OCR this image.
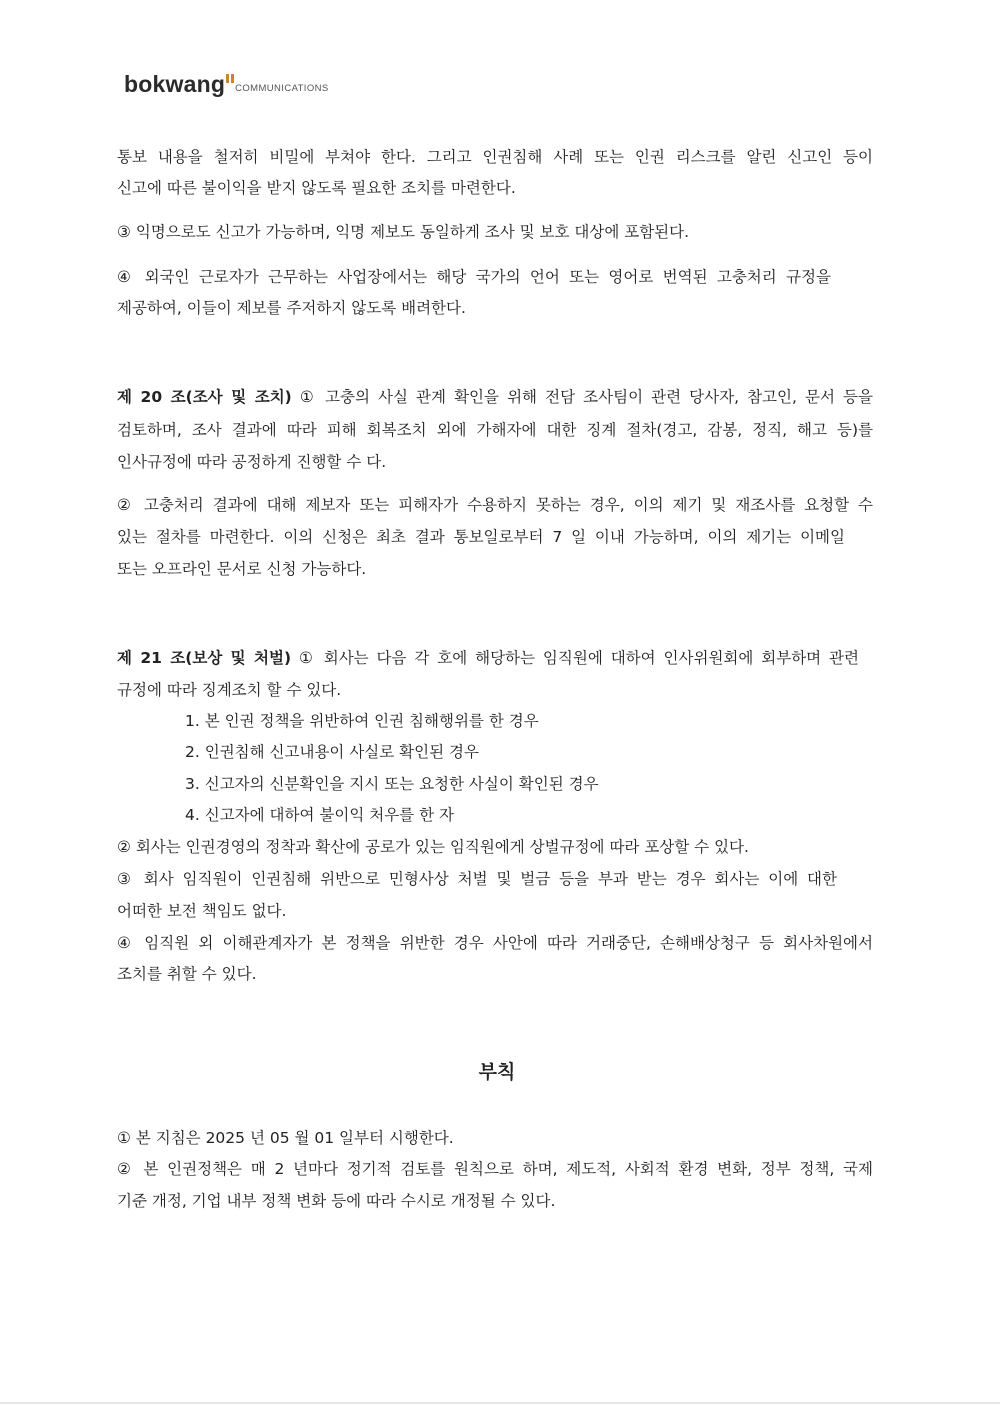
bokwang COMMUNICATIONS
통보 내용을 철저히 비밀에 부쳐야 한다. 그리고 인권침해 사례 또는 인권 리스크를 알린 신고인 등이
신고에 따른 불이익을 받지 않도록 필요한 조치를 마련한다.
③ 익명으로도 신고가 가능하며, 익명 제보도 동일하게 조사 및 보호 대상에 포함된다.
④ 외국인 근로자가 근무하는 사업장에서는 해당 국가의 언어 또는 영어로 번역된 고충처리 규정을
제공하여, 이들이 제보를 주저하지 않도록 배려한다.
제 20 조(조사 및 조치) ① 고충의 사실 관계 확인을 위해 전담 조사팀이 관련 당사자, 참고인, 문서 등을
검토하며, 조사 결과에 따라 피해 회복조치 외에 가해자에 대한 징계 절차(경고, 감봉, 정직, 해고 등)를
인사규정에 따라 공정하게 진행할 수 다.
② 고충처리 결과에 대해 제보자 또는 피해자가 수용하지 못하는 경우, 이의 제기 및 재조사를 요청할 수
있는 절차를 마련한다. 이의 신청은 최초 결과 통보일로부터 7 일 이내 가능하며, 이의 제기는 이메일
또는 오프라인 문서로 신청 가능하다.
제 21 조(보상 및 처벌) ① 회사는 다음 각 호에 해당하는 임직원에 대하여 인사위원회에 회부하며 관련
규정에 따라 징계조치 할 수 있다.
1. 본 인권 정책을 위반하여 인권 침해행위를 한 경우
2. 인권침해 신고내용이 사실로 확인된 경우
3. 신고자의 신분확인을 지시 또는 요청한 사실이 확인된 경우
4. 신고자에 대하여 불이익 처우를 한 자
② 회사는 인권경영의 정착과 확산에 공로가 있는 임직원에게 상벌규정에 따라 포상할 수 있다.
③ 회사 임직원이 인권침해 위반으로 민형사상 처벌 및 벌금 등을 부과 받는 경우 회사는 이에 대한
어떠한 보전 책임도 없다.
④ 임직원 외 이해관계자가 본 정책을 위반한 경우 사안에 따라 거래중단, 손해배상청구 등 회사차원에서
조치를 취할 수 있다.
부칙
① 본 지침은 2025 년 05 월 01 일부터 시행한다.
② 본 인권정책은 매 2 년마다 정기적 검토를 원칙으로 하며, 제도적, 사회적 환경 변화, 정부 정책, 국제
기준 개정, 기업 내부 정책 변화 등에 따라 수시로 개정될 수 있다.
